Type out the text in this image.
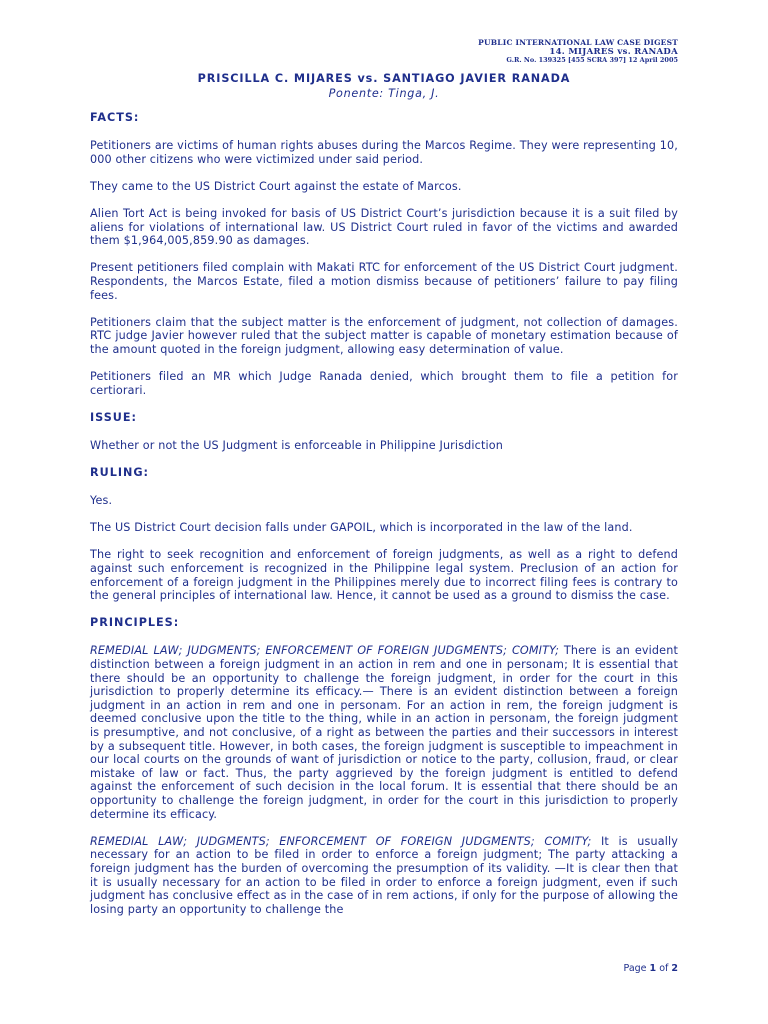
PUBLIC INTERNATIONAL LAW CASE DIGEST
14. MIJARES vs. RANADA
G.R. No. 139325 [455 SCRA 397] 12 April 2005
PRISCILLA C. MIJARES vs. SANTIAGO JAVIER RANADA
Ponente: Tinga, J.
FACTS:

Petitioners are victims of human rights abuses during the Marcos Regime. They were representing 10, 000 other citizens who were victimized under said period.

They came to the US District Court against the estate of Marcos.

Alien Tort Act is being invoked for basis of US District Court’s jurisdiction because it is a suit filed by aliens for violations of international law. US District Court ruled in favor of the victims and awarded them $1,964,005,859.90 as damages.

Present petitioners filed complain with Makati RTC for enforcement of the US District Court judgment. Respondents, the Marcos Estate, filed a motion dismiss because of petitioners’ failure to pay filing fees.

Petitioners claim that the subject matter is the enforcement of judgment, not collection of damages. RTC judge Javier however ruled that the subject matter is capable of monetary estimation because of the amount quoted in the foreign judgment, allowing easy determination of value.

Petitioners filed an MR which Judge Ranada denied, which brought them to file a petition for certiorari.

ISSUE:

Whether or not the US Judgment is enforceable in Philippine Jurisdiction

RULING:

Yes.

The US District Court decision falls under GAPOIL, which is incorporated in the law of the land.

The right to seek recognition and enforcement of foreign judgments, as well as a right to defend against such enforcement is recognized in the Philippine legal system. Preclusion of an action for enforcement of a foreign judgment in the Philippines merely due to incorrect filing fees is contrary to the general principles of international law. Hence, it cannot be used as a ground to dismiss the case.

PRINCIPLES:

REMEDIAL LAW; JUDGMENTS; ENFORCEMENT OF FOREIGN JUDGMENTS; COMITY; There is an evident distinction between a foreign judgment in an action in rem and one in personam; It is essential that there should be an opportunity to challenge the foreign judgment, in order for the court in this jurisdiction to properly determine its efficacy.— There is an evident distinction between a foreign judgment in an action in rem and one in personam. For an action in rem, the foreign judgment is deemed conclusive upon the title to the thing, while in an action in personam, the foreign judgment is presumptive, and not conclusive, of a right as between the parties and their successors in interest by a subsequent title. However, in both cases, the foreign judgment is susceptible to impeachment in our local courts on the grounds of want of jurisdiction or notice to the party, collusion, fraud, or clear mistake of law or fact. Thus, the party aggrieved by the foreign judgment is entitled to defend against the enforcement of such decision in the local forum. It is essential that there should be an opportunity to challenge the foreign judgment, in order for the court in this jurisdiction to properly determine its efficacy.

REMEDIAL LAW; JUDGMENTS; ENFORCEMENT OF FOREIGN JUDGMENTS; COMITY; It is usually necessary for an action to be filed in order to enforce a foreign judgment; The party attacking a foreign judgment has the burden of overcoming the presumption of its validity. —It is clear then that it is usually necessary for an action to be filed in order to enforce a foreign judgment, even if such judgment has conclusive effect as in the case of in rem actions, if only for the purpose of allowing the losing party an opportunity to challenge the

Page 1 of 2
